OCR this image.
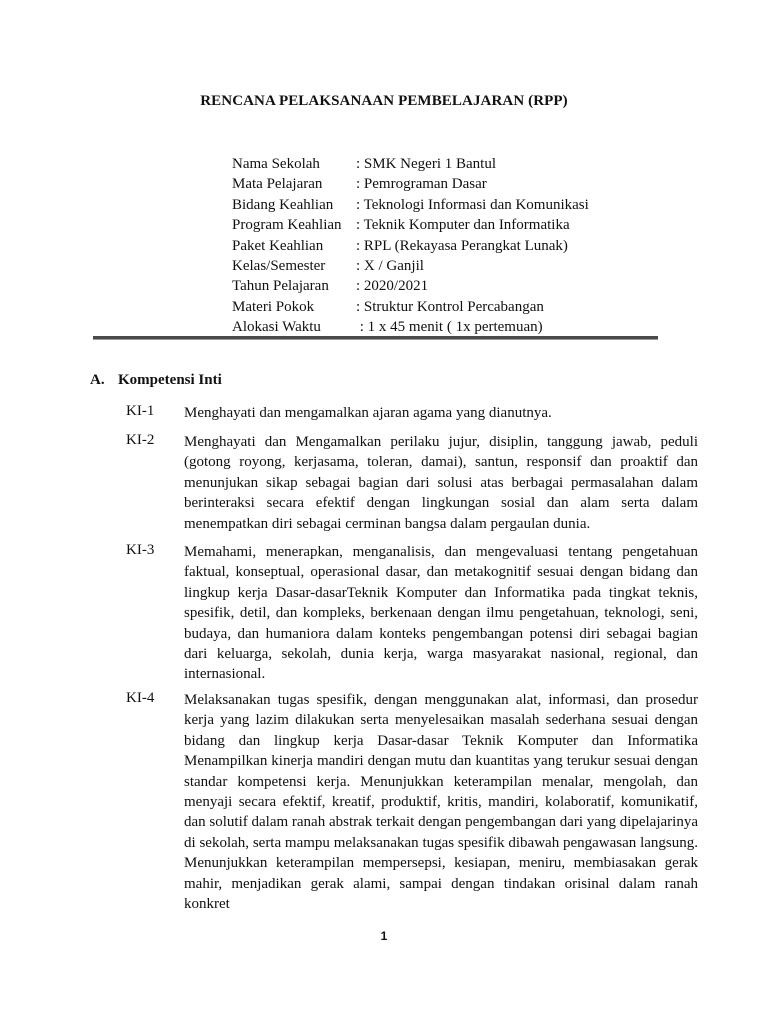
RENCANA PELAKSANAAN PEMBELAJARAN (RPP)
Nama Sekolah : SMK Negeri 1 Bantul
Mata Pelajaran : Pemrograman Dasar
Bidang Keahlian : Teknologi Informasi dan Komunikasi
Program Keahlian : Teknik Komputer dan Informatika
Paket Keahlian : RPL (Rekayasa Perangkat Lunak)
Kelas/Semester : X / Ganjil
Tahun Pelajaran : 2020/2021
Materi Pokok	: Struktur Kontrol Percabangan
Alokasi Waktu : 1 x 45 menit ( 1x pertemuan)
A. Kompetensi Inti
KI-1 Menghayati dan mengamalkan ajaran agama yang dianutnya.
KI-2 Menghayati dan Mengamalkan perilaku jujur, disiplin, tanggung jawab, peduli (gotong royong, kerjasama, toleran, damai), santun, responsif dan proaktif dan menunjukan sikap sebagai bagian dari solusi atas berbagai permasalahan dalam berinteraksi secara efektif dengan lingkungan sosial dan alam serta dalam menempatkan diri sebagai cerminan bangsa dalam pergaulan dunia.
KI-3 Memahami, menerapkan, menganalisis, dan mengevaluasi tentang pengetahuan faktual, konseptual, operasional dasar, dan metakognitif sesuai dengan bidang dan lingkup kerja Dasar-dasarTeknik Komputer dan Informatika pada tingkat teknis, spesifik, detil, dan kompleks, berkenaan dengan ilmu pengetahuan, teknologi, seni, budaya, dan humaniora dalam konteks pengembangan potensi diri sebagai bagian dari keluarga, sekolah, dunia kerja, warga masyarakat nasional, regional, dan internasional.
KI-4 Melaksanakan tugas spesifik, dengan menggunakan alat, informasi, dan prosedur kerja yang lazim dilakukan serta menyelesaikan masalah sederhana sesuai dengan bidang dan lingkup kerja Dasar-dasar Teknik Komputer dan Informatika Menampilkan kinerja mandiri dengan mutu dan kuantitas yang terukur sesuai dengan standar kompetensi kerja. Menunjukkan keterampilan menalar, mengolah, dan menyaji secara efektif, kreatif, produktif, kritis, mandiri, kolaboratif, komunikatif, dan solutif dalam ranah abstrak terkait dengan pengembangan dari yang dipelajarinya di sekolah, serta mampu melaksanakan tugas spesifik dibawah pengawasan langsung. Menunjukkan keterampilan mempersepsi, kesiapan, meniru, membiasakan gerak mahir, menjadikan gerak alami, sampai dengan tindakan orisinal dalam ranah konkret
1
